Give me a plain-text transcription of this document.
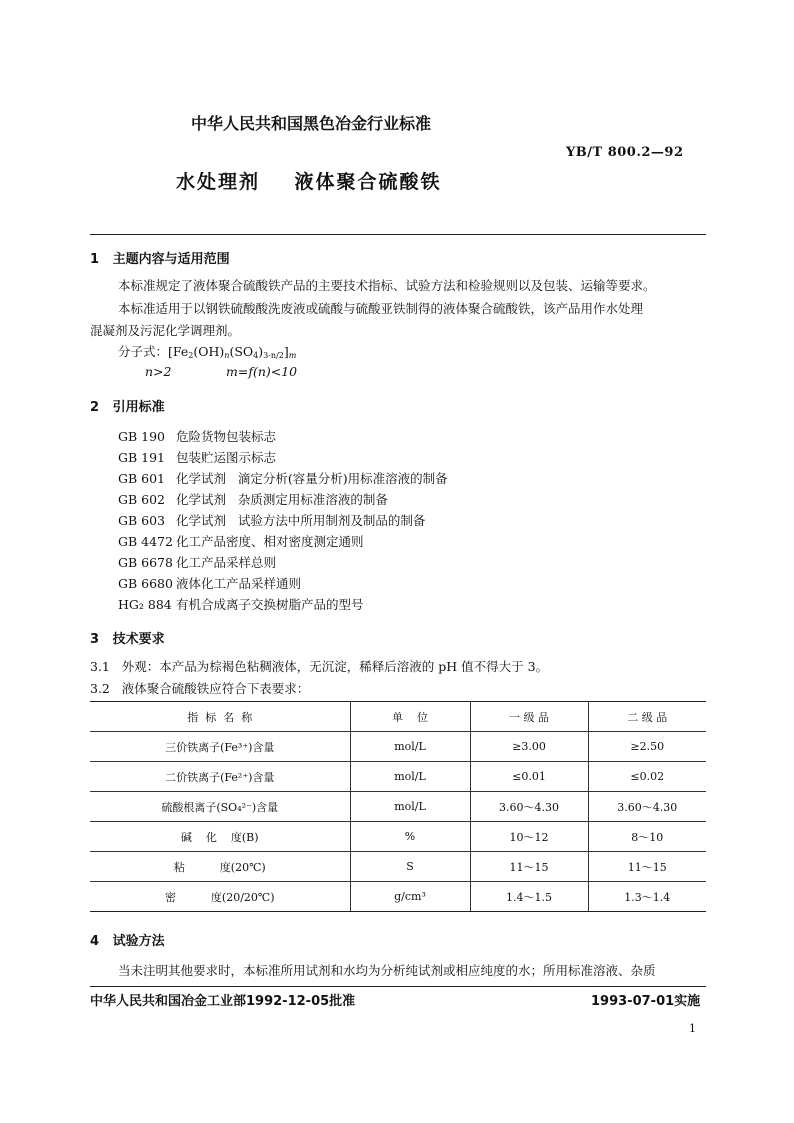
中华人民共和国黑色冶金行业标准
YB/T 800.2—92
水处理剂    液体聚合硫酸铁
1   主题内容与适用范围
本标准规定了液体聚合硫酸铁产品的主要技术指标、试验方法和检验规则以及包装、运输等要求。
本标准适用于以钢铁硫酸酸洗废液或硫酸与硫酸亚铁制得的液体聚合硫酸铁，该产品用作水处理
混凝剂及污泥化学调理剂。
分子式：$[Fe_2(OH)_n(SO_4)_{3-n/2}]_m$
n>2	m=f(n)<10
2   引用标准
GB 190 危险货物包装标志
GB 191 包装贮运图示标志
GB 601 化学试剂   滴定分析(容量分析)用标准溶液的制备
GB 602 化学试剂   杂质测定用标准溶液的制备
GB 603 化学试剂   试验方法中所用制剂及制品的制备
GB 4472 化工产品密度、相对密度测定通则
GB 6678 化工产品采样总则
GB 6680 液体化工产品采样通则
HG₂ 884 有机合成离子交换树脂产品的型号
3   技术要求
3.1   外观：本产品为棕褐色粘稠液体，无沉淀，稀释后溶液的 pH 值不得大于 3。
3.2   液体聚合硫酸铁应符合下表要求：
指  标  名  称	单    位	一 级 品	二 级 品
三价铁离子(Fe³⁺)含量	mol/L	≥3.00	≥2.50
二价铁离子(Fe²⁺)含量	mol/L	≤0.01	≤0.02
硫酸根离子(SO₄²⁻)含量	mol/L	3.60～4.30	3.60～4.30
碱    化    度(B)	%	10～12	8～10
粘          度(20℃)	S	11～15	11～15
密          度(20/20℃)	g/cm³	1.4～1.5	1.3～1.4
4   试验方法
当未注明其他要求时，本标准所用试剂和水均为分析纯试剂或相应纯度的水；所用标准溶液、杂质
中华人民共和国冶金工业部1992-12-05批准	1993-07-01实施
1
